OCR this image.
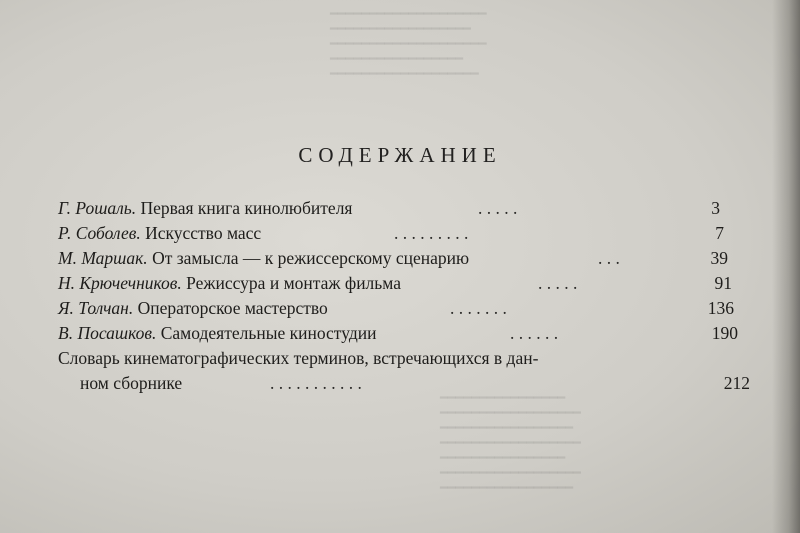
━━━━━━━━━━━━━━━━━━━━
━━━━━━━━━━━━━━━━━━
━━━━━━━━━━━━━━━━━━━━
━━━━━━━━━━━━━━━━━
━━━━━━━━━━━━━━━━━━━
━━━━━━━━━━━━━━━━
━━━━━━━━━━━━━━━━━━
━━━━━━━━━━━━━━━━━
━━━━━━━━━━━━━━━━━━
━━━━━━━━━━━━━━━━
━━━━━━━━━━━━━━━━━━
━━━━━━━━━━━━━━━━━
СОДЕРЖАНИЕ
Г. Рошаль. Первая книга кинолюбителя	. . . . .	3
Р. Соболев. Искусство масс	. . . . . . . . .	7
М. Маршак. От замысла — к режиссерскому сценарию	. . .	39
Н. Крючечников. Режиссура и монтаж фильма	. . . . .	91
Я. Толчан. Операторское мастерство	. . . . . . .	136
В. Посашков. Самодеятельные киностудии	. . . . . .	190
Словарь кинематографических терминов, встречающихся в дан-
ном сборнике	. . . . . . . . . . .	212
